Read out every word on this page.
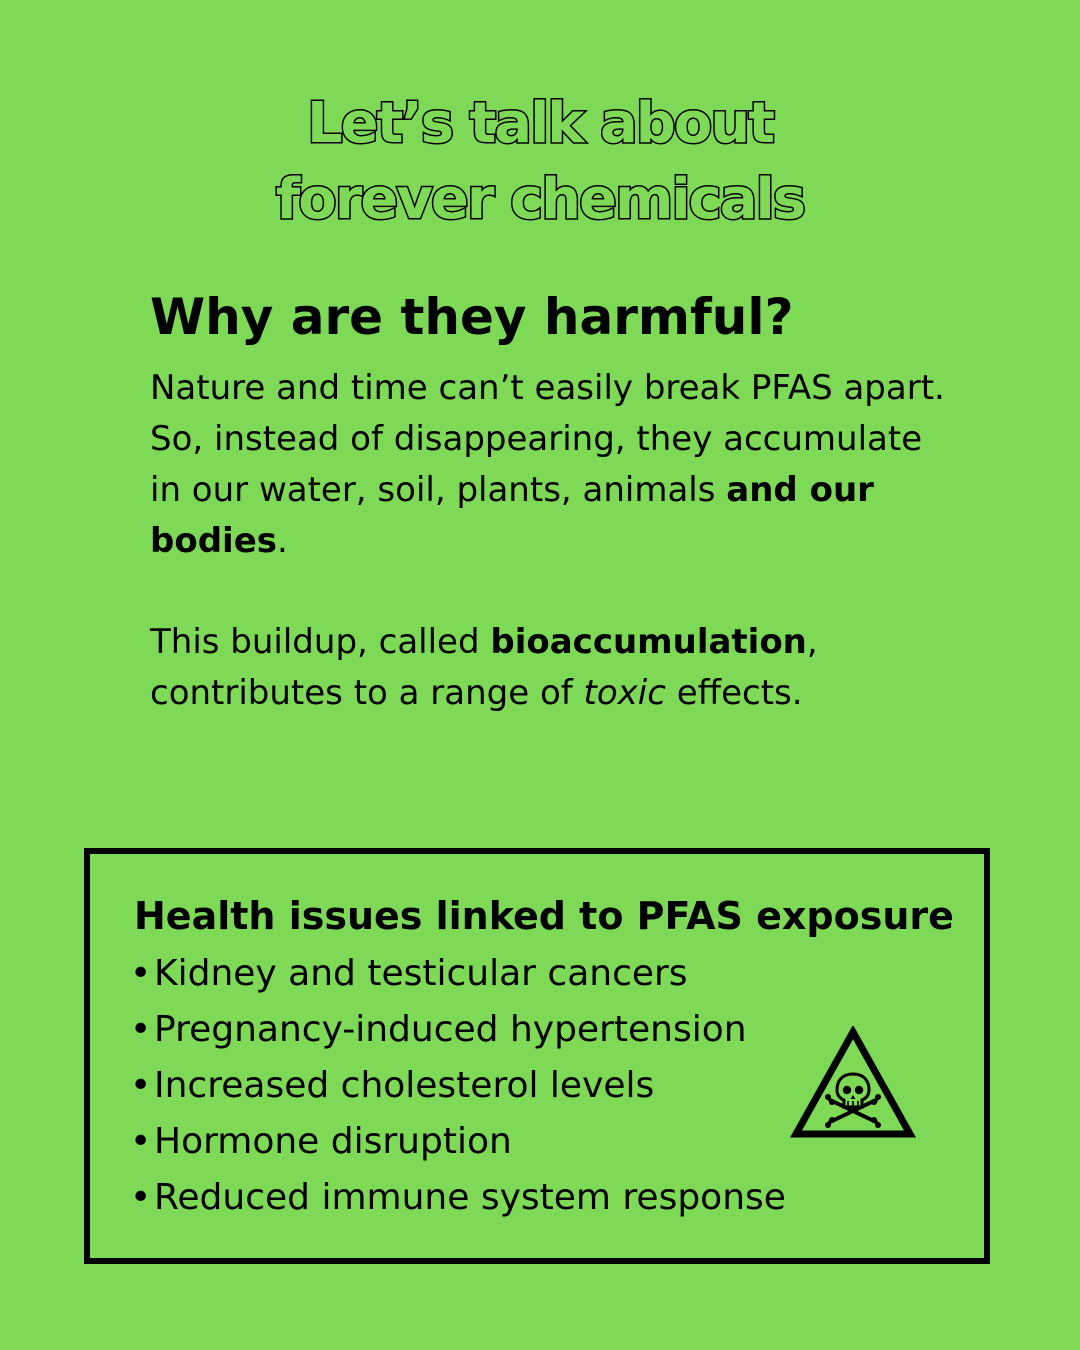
Let’s talk about
forever chemicals
Why are they harmful?

Nature and time can’t easily break PFAS apart. So, instead of disappearing, they accumulate in our water, soil, plants, animals and our bodies.

This buildup, called bioaccumulation, contributes to a range of toxic effects.

Health issues linked to PFAS exposure
•Kidney and testicular cancers
•Pregnancy-induced hypertension
•Increased cholesterol levels
•Hormone disruption
•Reduced immune system response
